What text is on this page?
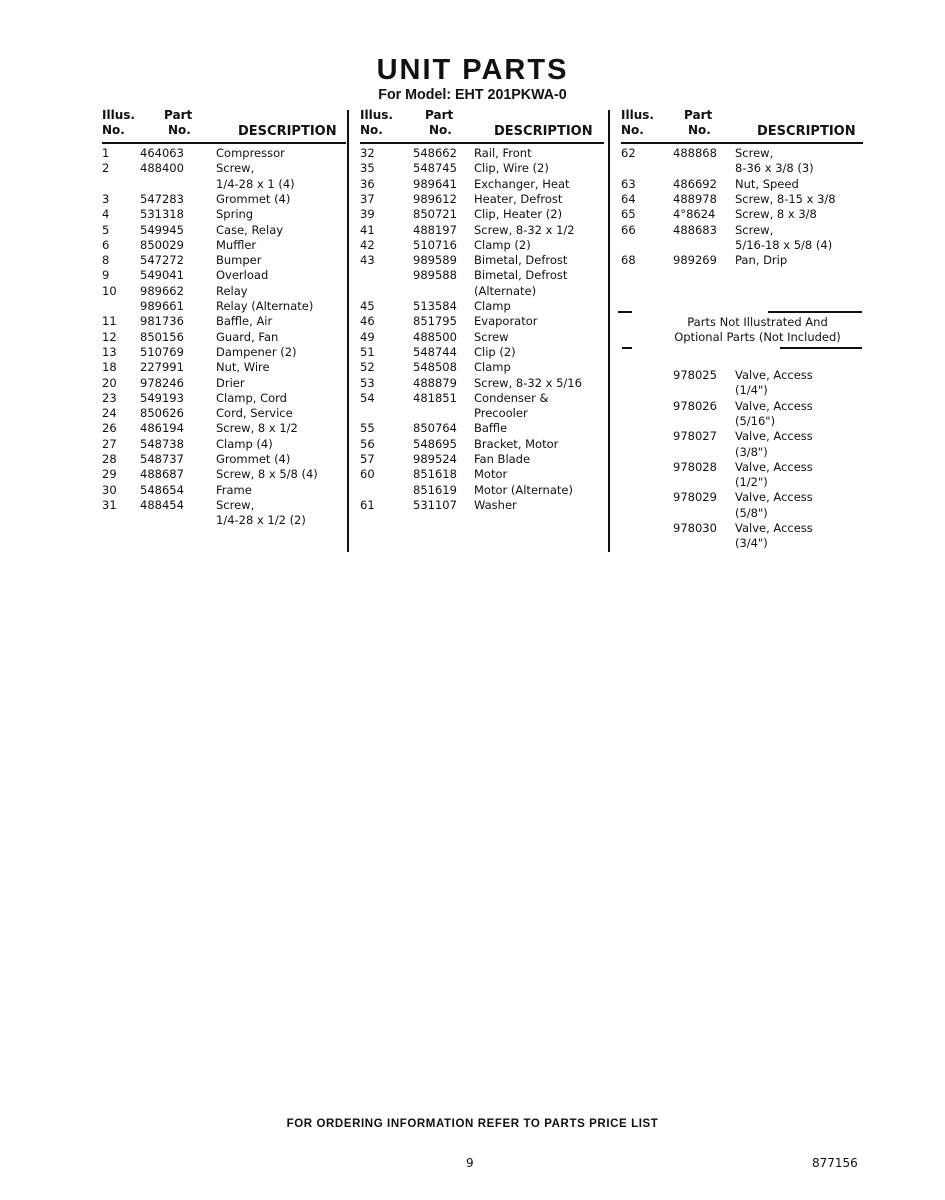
UNIT PARTS
For Model: EHT 201PKWA-0
Illus.
No.
Part
No.	DESCRIPTION
1	464063	Compressor
2	488400	Screw,
1/4-28 x 1 (4)
3	547283	Grommet (4)
4	531318	Spring
5	549945	Case, Relay
6	850029	Muffler
8	547272	Bumper
9	549041	Overload
10 989662	Relay
989661	Relay (Alternate)
11 981736	Baffle, Air
12 850156	Guard, Fan
13 510769	Dampener (2)
18 227991	Nut, Wire
20 978246	Drier
23 549193	Clamp, Cord
24 850626	Cord, Service
26 486194	Screw, 8 x 1/2
27 548738	Clamp (4)
28 548737	Grommet (4)
29 488687	Screw, 8 x 5/8 (4)
30 548654	Frame
31 488454	Screw,
1/4-28 x 1/2 (2)
Illus.
No.
Part
No.	DESCRIPTION
32	548662 Rail, Front
35	548745 Clip, Wire (2)
36	989641 Exchanger, Heat
37	989612 Heater, Defrost
39	850721 Clip, Heater (2)
41	488197 Screw, 8-32 x 1/2
42	510716 Clamp (2)
43	989589 Bimetal, Defrost
989588 Bimetal, Defrost
(Alternate)
45	513584 Clamp
46	851795 Evaporator
49	488500 Screw
51	548744 Clip (2)
52	548508 Clamp
53	488879 Screw, 8-32 x 5/16
54	481851 Condenser &
Precooler
55	850764 Baffle
56	548695 Bracket, Motor
57	989524 Fan Blade
60	851618 Motor
851619 Motor (Alternate)
61	531107 Washer
Illus.
No.
Part
No.	DESCRIPTION
62	488868 Screw,
8-36 x 3/8 (3)
63	486692 Nut, Speed
64	488978 Screw, 8-15 x 3/8
65	4°8624 Screw, 8 x 3/8
66	488683 Screw,
5/16-18 x 5/8 (4)
68	989269 Pan, Drip
978025 Valve, Access
(1/4")
978026 Valve, Access
(5/16")
978027 Valve, Access
(3/8")
978028 Valve, Access
(1/2")
978029 Valve, Access
(5/8")
978030 Valve, Access
(3/4")
Parts Not Illustrated And
Optional Parts (Not Included)
FOR ORDERING INFORMATION REFER TO PARTS PRICE LIST
9	877156
